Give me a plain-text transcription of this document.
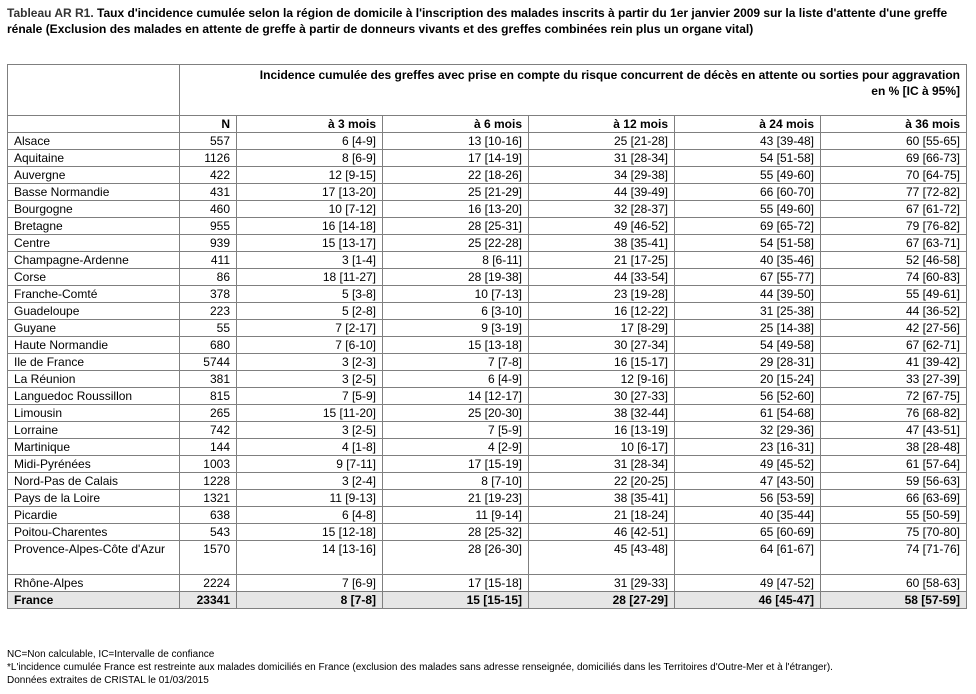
Tableau AR R1. Taux d'incidence cumulée selon la région de domicile à l'inscription des malades inscrits à partir du 1er janvier 2009 sur la liste d'attente d'une greffe rénale (Exclusion des malades en attente de greffe à partir de donneurs vivants et des greffes combinées rein plus un organe vital)

	Incidence cumulée des greffes avec prise en compte du risque concurrent de décès en attente ou sorties pour aggravation
en % [IC à 95%]					

	N	à 3 mois	à 6 mois	à 12 mois	à 24 mois	à 36 mois
Alsace	557	6 [4-9]	13 [10-16]	25 [21-28]	43 [39-48]	60 [55-65]
Aquitaine	1126	8 [6-9]	17 [14-19]	31 [28-34]	54 [51-58]	69 [66-73]
Auvergne	422	12 [9-15]	22 [18-26]	34 [29-38]	55 [49-60]	70 [64-75]
Basse Normandie	431	17 [13-20]	25 [21-29]	44 [39-49]	66 [60-70]	77 [72-82]
Bourgogne	460	10 [7-12]	16 [13-20]	32 [28-37]	55 [49-60]	67 [61-72]
Bretagne	955	16 [14-18]	28 [25-31]	49 [46-52]	69 [65-72]	79 [76-82]
Centre	939	15 [13-17]	25 [22-28]	38 [35-41]	54 [51-58]	67 [63-71]
Champagne-Ardenne	411	3 [1-4]	8 [6-11]	21 [17-25]	40 [35-46]	52 [46-58]
Corse	86	18 [11-27]	28 [19-38]	44 [33-54]	67 [55-77]	74 [60-83]
Franche-Comté	378	5 [3-8]	10 [7-13]	23 [19-28]	44 [39-50]	55 [49-61]
Guadeloupe	223	5 [2-8]	6 [3-10]	16 [12-22]	31 [25-38]	44 [36-52]
Guyane	55	7 [2-17]	9 [3-19]	17 [8-29]	25 [14-38]	42 [27-56]
Haute Normandie	680	7 [6-10]	15 [13-18]	30 [27-34]	54 [49-58]	67 [62-71]
Ile de France	5744	3 [2-3]	7 [7-8]	16 [15-17]	29 [28-31]	41 [39-42]
La Réunion	381	3 [2-5]	6 [4-9]	12 [9-16]	20 [15-24]	33 [27-39]
Languedoc Roussillon	815	7 [5-9]	14 [12-17]	30 [27-33]	56 [52-60]	72 [67-75]
Limousin	265	15 [11-20]	25 [20-30]	38 [32-44]	61 [54-68]	76 [68-82]
Lorraine	742	3 [2-5]	7 [5-9]	16 [13-19]	32 [29-36]	47 [43-51]
Martinique	144	4 [1-8]	4 [2-9]	10 [6-17]	23 [16-31]	38 [28-48]
Midi-Pyrénées	1003	9 [7-11]	17 [15-19]	31 [28-34]	49 [45-52]	61 [57-64]
Nord-Pas de Calais	1228	3 [2-4]	8 [7-10]	22 [20-25]	47 [43-50]	59 [56-63]
Pays de la Loire	1321	11 [9-13]	21 [19-23]	38 [35-41]	56 [53-59]	66 [63-69]
Picardie	638	6 [4-8]	11 [9-14]	21 [18-24]	40 [35-44]	55 [50-59]
Poitou-Charentes	543	15 [12-18]	28 [25-32]	46 [42-51]	65 [60-69]	75 [70-80]
Provence-Alpes-Côte d'Azur	1570	14 [13-16]	28 [26-30]	45 [43-48]	64 [61-67]	74 [71-76]
Rhône-Alpes	2224	7 [6-9]	17 [15-18]	31 [29-33]	49 [47-52]	60 [58-63]
France	23341	8 [7-8]	15 [15-15]	28 [27-29]	46 [45-47]	58 [57-59]
NC=Non calculable, IC=Intervalle de confiance
*L'incidence cumulée France est restreinte aux malades domiciliés en France (exclusion des malades sans adresse renseignée, domiciliés dans les Territoires d'Outre-Mer et à l'étranger).
Données extraites de CRISTAL le 01/03/2015
